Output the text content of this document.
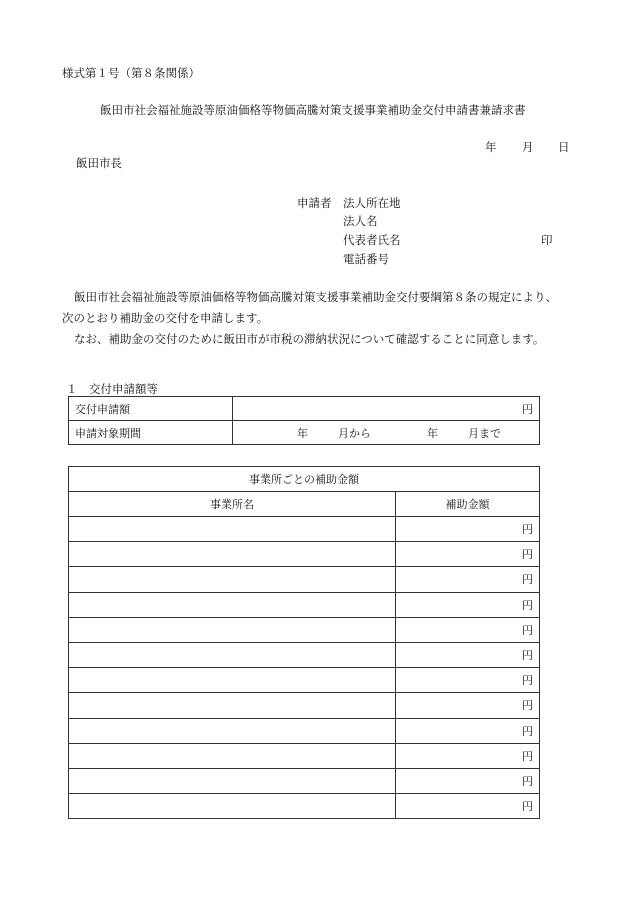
様式第１号（第８条関係）
飯田市社会福祉施設等原油価格等物価高騰対策支援事業補助金交付申請書兼請求書
年 月 日
飯田市長
申請者 法人所在地
法人名
代表者氏名	印
電話番号
飯田市社会福祉施設等原油価格等物価高騰対策支援事業補助金交付要綱第８条の規定により、
次のとおり補助金の交付を申請します。
なお、補助金の交付のために飯田市が市税の滞納状況について確認することに同意します。
１　交付申請額等
交付申請額	円
申請対象期間	年 月から 年 月まで
事業所ごとの補助金額	
事業所名	補助金額
	円
	円
	円
	円
	円
	円
	円
	円
	円
	円
	円
	円
